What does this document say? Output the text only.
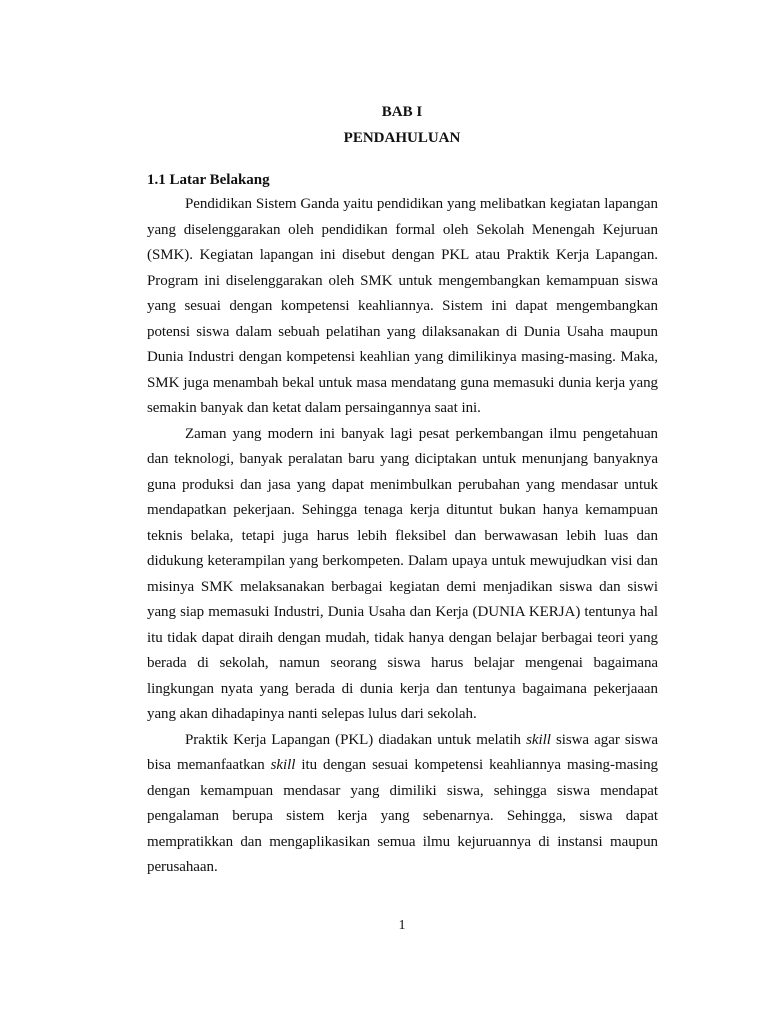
BAB I
PENDAHULUAN
1.1 Latar Belakang

Pendidikan Sistem Ganda yaitu pendidikan yang melibatkan kegiatan lapangan yang diselenggarakan oleh pendidikan formal oleh Sekolah Menengah Kejuruan (SMK). Kegiatan lapangan ini disebut dengan PKL atau Praktik Kerja Lapangan. Program ini diselenggarakan oleh SMK untuk mengembangkan kemampuan siswa yang sesuai dengan kompetensi keahliannya. Sistem ini dapat mengembangkan potensi siswa dalam sebuah pelatihan yang dilaksanakan di Dunia Usaha maupun Dunia Industri dengan kompetensi keahlian yang dimilikinya masing-masing. Maka, SMK juga menambah bekal untuk masa mendatang guna memasuki dunia kerja yang semakin banyak dan ketat dalam persaingannya saat ini.

Zaman yang modern ini banyak lagi pesat perkembangan ilmu pengetahuan dan teknologi, banyak peralatan baru yang diciptakan untuk menunjang banyaknya guna produksi dan jasa yang dapat menimbulkan perubahan yang mendasar untuk mendapatkan pekerjaan. Sehingga tenaga kerja dituntut bukan hanya kemampuan teknis belaka, tetapi juga harus lebih fleksibel dan berwawasan lebih luas dan didukung keterampilan yang berkompeten. Dalam upaya untuk mewujudkan visi dan misinya SMK melaksanakan berbagai kegiatan demi menjadikan siswa dan siswi yang siap memasuki Industri, Dunia Usaha dan Kerja (DUNIA KERJA) tentunya hal itu tidak dapat diraih dengan mudah, tidak hanya dengan belajar berbagai teori yang berada di sekolah, namun seorang siswa harus belajar mengenai bagaimana lingkungan nyata yang berada di dunia kerja dan tentunya bagaimana pekerjaaan yang akan dihadapinya nanti selepas lulus dari sekolah.

Praktik Kerja Lapangan (PKL) diadakan untuk melatih skill siswa agar siswa bisa memanfaatkan skill itu dengan sesuai kompetensi keahliannya masing-masing dengan kemampuan mendasar yang dimiliki siswa, sehingga siswa mendapat pengalaman berupa sistem kerja yang sebenarnya. Sehingga, siswa dapat mempratikkan dan mengaplikasikan semua ilmu kejuruannya di instansi maupun perusahaan.

1
